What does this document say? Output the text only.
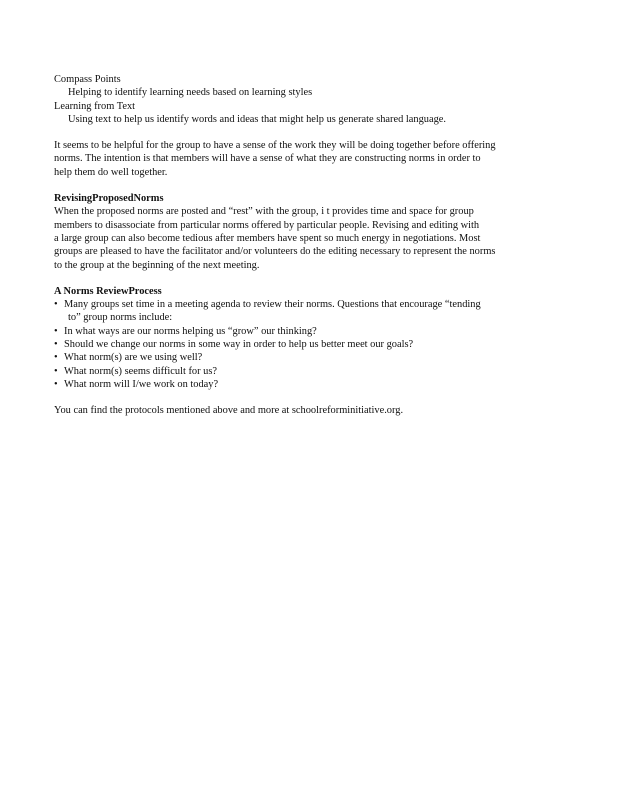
Compass Points
Helping to identify learning needs based on learning styles
Learning from Text
Using text to help us identify words and ideas that might help us generate shared language.
It seems to be helpful for the group to have a sense of the work they will be doing together before offering
norms. The intention is that members will have a sense of what they are constructing norms in order to
help them do well together.
RevisingProposedNorms
When the proposed norms are posted and “rest” with the group, i t provides time and space for group
members to disassociate from particular norms offered by particular people. Revising and editing with
a large group can also become tedious after members have spent so much energy in negotiations. Most
groups are pleased to have the facilitator and/or volunteers do the editing necessary to represent the norms
to the group at the beginning of the next meeting.
A Norms ReviewProcess
• Many groups set time in a meeting agenda to review their norms. Questions that encourage “tending
to” group norms include:
• In what ways are our norms helping us “grow” our thinking?
• Should we change our norms in some way in order to help us better meet our goals?
• What norm(s) are we using well?
• What norm(s) seems difficult for us?
• What norm will I/we work on today?
You can find the protocols mentioned above and more at schoolreforminitiative.org.
